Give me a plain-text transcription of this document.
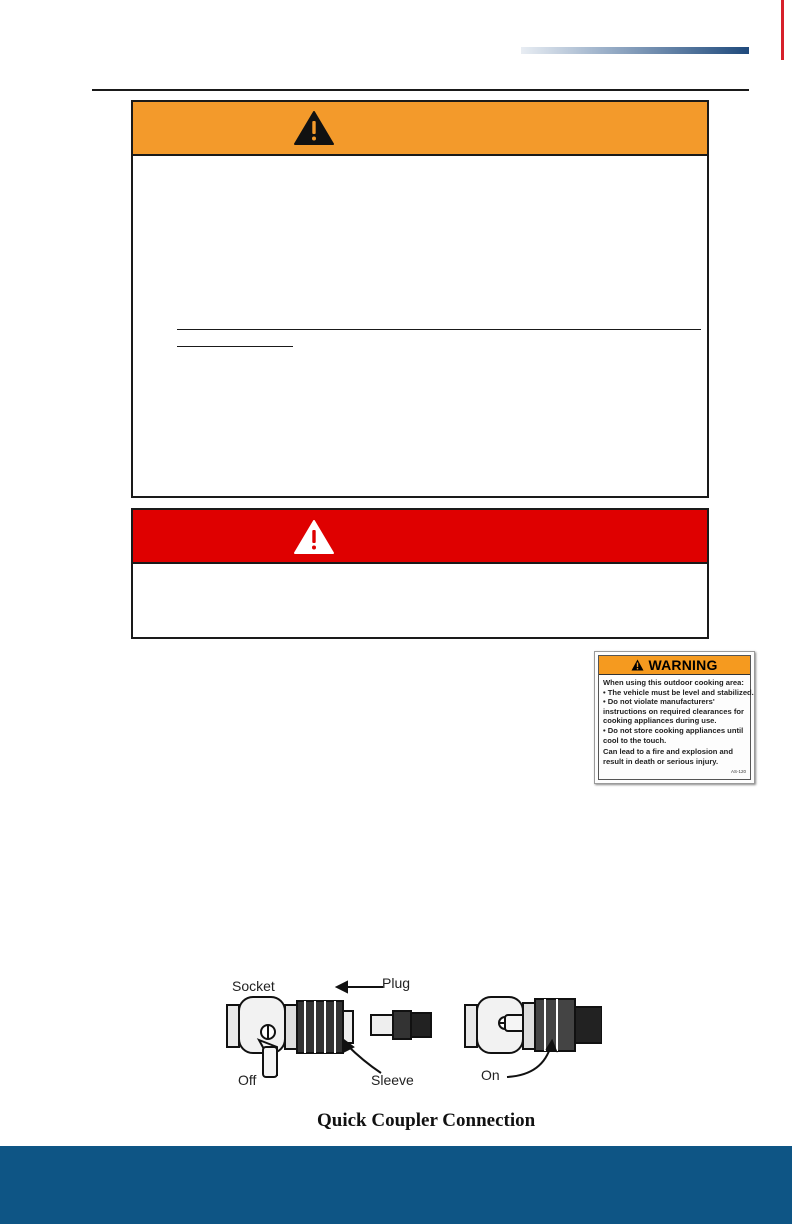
WARNING
When using this outdoor cooking area:
• The vehicle must be level and stabilized.
• Do not violate manufacturers'
instructions on required clearances for
cooking appliances during use.
• Do not store cooking appliances until
cool to the touch.
Can lead to a fire and explosion and
result in death or serious injury.
AS-120
Socket	Plug
Off	Sleeve	On
Quick Coupler Connection
